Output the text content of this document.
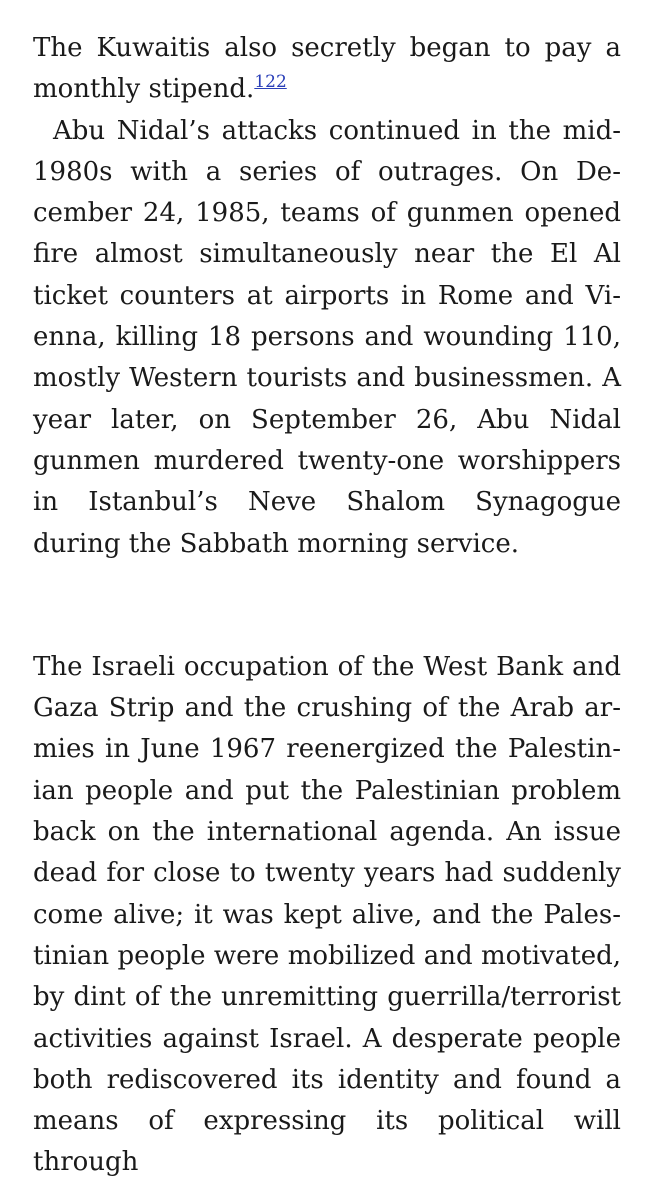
The Kuwaitis also secretly began to pay a monthly stipend.$^{122}$

Abu Nidal’s attacks continued in the mid-1980s with a series of outrages. On December 24, 1985, teams of gunmen opened fire almost simultaneously near the El Al ticket counters at airports in Rome and Vienna, killing 18 persons and wounding 110, mostly Western tourists and businessmen. A year later, on September 26, Abu Nidal gunmen murdered twenty-one worshippers in Istanbul’s Neve Shalom Synagogue during the Sabbath morning service.

The Israeli occupation of the West Bank and Gaza Strip and the crushing of the Arab armies in June 1967 reenergized the Palestinian people and put the Palestinian problem back on the international agenda. An issue dead for close to twenty years had suddenly come alive; it was kept alive, and the Palestinian people were mobilized and motivated, by dint of the unremitting guerrilla/terrorist activities against Israel. A desperate people both rediscovered its identity and found a means of expressing its political will through
